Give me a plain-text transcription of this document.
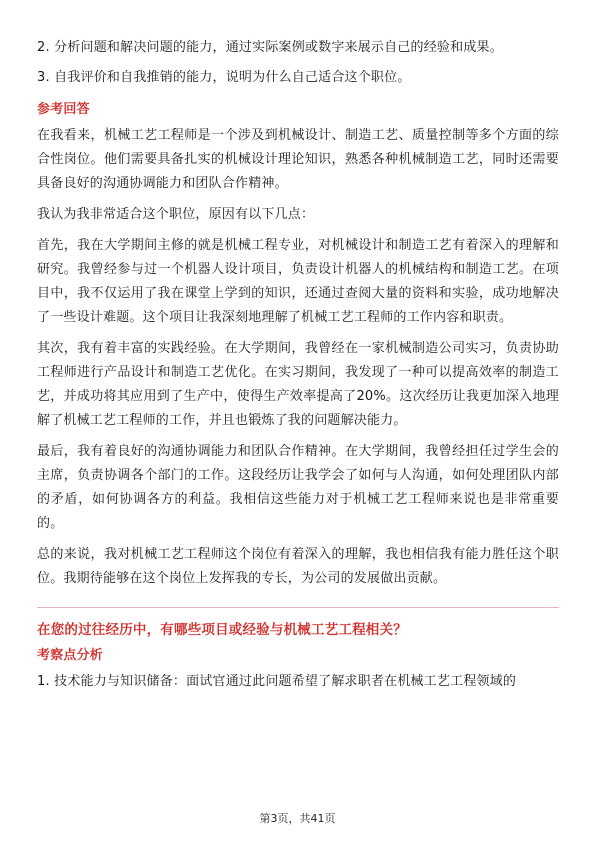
2. 分析问题和解决问题的能力，通过实际案例或数字来展示自己的经验和成果。

3. 自我评价和自我推销的能力，说明为什么自己适合这个职位。

参考回答

在我看来，机械工艺工程师是一个涉及到机械设计、制造工艺、质量控制等多个方面的综合性岗位。他们需要具备扎实的机械设计理论知识，熟悉各种机械制造工艺，同时还需要具备良好的沟通协调能力和团队合作精神。

我认为我非常适合这个职位，原因有以下几点：

首先，我在大学期间主修的就是机械工程专业，对机械设计和制造工艺有着深入的理解和研究。我曾经参与过一个机器人设计项目，负责设计机器人的机械结构和制造工艺。在项目中，我不仅运用了我在课堂上学到的知识，还通过查阅大量的资料和实验，成功地解决了一些设计难题。这个项目让我深刻地理解了机械工艺工程师的工作内容和职责。

其次，我有着丰富的实践经验。在大学期间，我曾经在一家机械制造公司实习，负责协助工程师进行产品设计和制造工艺优化。在实习期间，我发现了一种可以提高效率的制造工艺，并成功将其应用到了生产中，使得生产效率提高了20%。这次经历让我更加深入地理解了机械工艺工程师的工作，并且也锻炼了我的问题解决能力。

最后，我有着良好的沟通协调能力和团队合作精神。在大学期间，我曾经担任过学生会的主席，负责协调各个部门的工作。这段经历让我学会了如何与人沟通，如何处理团队内部的矛盾，如何协调各方的利益。我相信这些能力对于机械工艺工程师来说也是非常重要的。

总的来说，我对机械工艺工程师这个岗位有着深入的理解，我也相信我有能力胜任这个职位。我期待能够在这个岗位上发挥我的专长，为公司的发展做出贡献。

在您的过往经历中，有哪些项目或经验与机械工艺工程相关？

考察点分析

1. 技术能力与知识储备：面试官通过此问题希望了解求职者在机械工艺工程领域的

第3页，共41页
